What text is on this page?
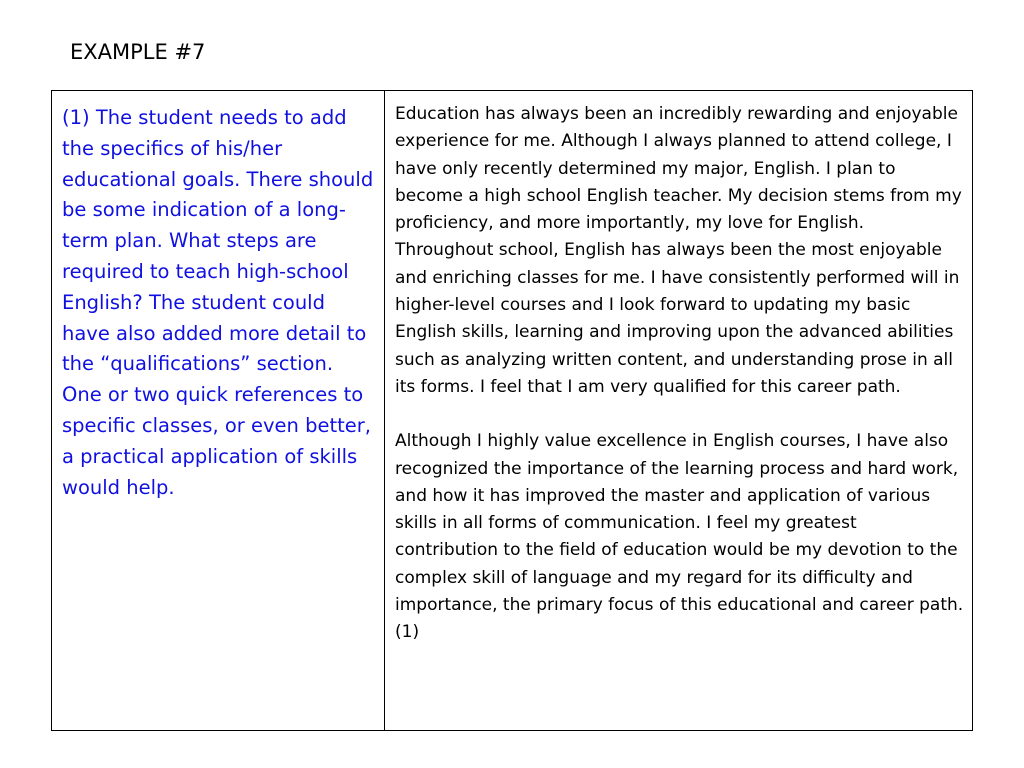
EXAMPLE #7

(1) The student needs to add the specifics of his/her educational goals. There should be some indication of a long-term plan. What steps are required to teach high-school English? The student could have also added more detail to the “qualifications” section. One or two quick references to specific classes, or even better, a practical application of skills would help.

Education has always been an incredibly rewarding and enjoyable experience for me. Although I always planned to attend college, I have only recently determined my major, English. I plan to become a high school English teacher. My decision stems from my proficiency, and more importantly, my love for English. Throughout school, English has always been the most enjoyable and enriching classes for me. I have consistently performed will in higher-level courses and I look forward to updating my basic English skills, learning and improving upon the advanced abilities such as analyzing written content, and understanding prose in all its forms. I feel that I am very qualified for this career path.

Although I highly value excellence in English courses, I have also recognized the importance of the learning process and hard work, and how it has improved the master and application of various skills in all forms of communication. I feel my greatest contribution to the field of education would be my devotion to the complex skill of language and my regard for its difficulty and importance, the primary focus of this educational and career path. (1)
